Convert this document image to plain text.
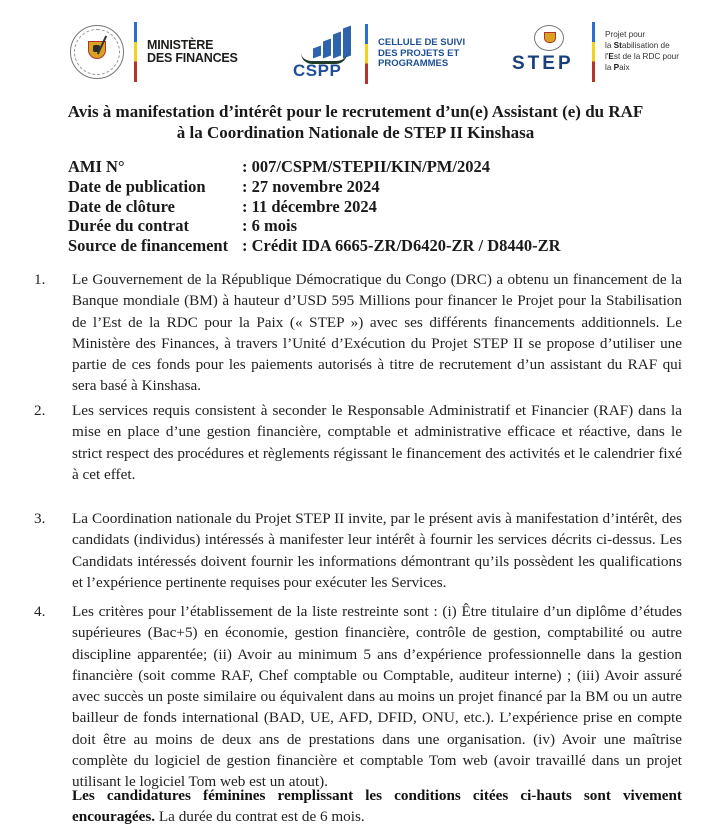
MINISTÈRE
DES FINANCES
CSPP
CELLULE DE SUIVI
DES PROJETS ET
PROGRAMMES	STEP
Projet pour
la Stabilisation de
l'Est de la RDC pour
la Paix
Avis à manifestation d’intérêt pour le recrutement d’un(e) Assistant (e) du RAF
à la Coordination Nationale de STEP II Kinshasa
AMI N°	: 007/CSPM/STEPII/KIN/PM/2024
Date de publication	: 27 novembre 2024
Date de clôture	: 11 décembre 2024
Durée du contrat	: 6 mois
Source de financement : Crédit IDA 6665-ZR/D6420-ZR / D8440-ZR
1.	Le Gouvernement de la République Démocratique du Congo (DRC) a obtenu un financement de la Banque mondiale (BM) à hauteur d’USD 595 Millions pour financer le Projet pour la Stabilisation de l’Est de la RDC pour la Paix (« STEP ») avec ses différents financements additionnels. Le Ministère des Finances, à travers l’Unité d’Exécution du Projet STEP II se propose d’utiliser une partie de ces fonds pour les paiements autorisés à titre de recrutement d’un assistant du RAF qui sera basé à Kinshasa.
2.	Les services requis consistent à seconder le Responsable Administratif et Financier (RAF) dans la mise en place d’une gestion financière, comptable et administrative efficace et réactive, dans le strict respect des procédures et règlements régissant le financement des activités et le calendrier fixé à cet effet.
3.	La Coordination nationale du Projet STEP II invite, par le présent avis à manifestation d’intérêt, des candidats (individus) intéressés à manifester leur intérêt à fournir les services décrits ci-dessus. Les Candidats intéressés doivent fournir les informations démontrant qu’ils possèdent les qualifications et l’expérience pertinente requises pour exécuter les Services.
4.	Les critères pour l’établissement de la liste restreinte sont : (i) Être titulaire d’un diplôme d’études supérieures (Bac+5) en économie, gestion financière, contrôle de gestion, comptabilité ou autre discipline apparentée; (ii) Avoir au minimum 5 ans d’expérience professionnelle dans la gestion financière (soit comme RAF, Chef comptable ou Comptable, auditeur interne) ; (iii) Avoir assuré avec succès un poste similaire ou équivalent dans au moins un projet financé par la BM ou un autre bailleur de fonds international (BAD, UE, AFD, DFID, ONU, etc.). L’expérience prise en compte doit être au moins de deux ans de prestations dans une organisation. (iv) Avoir une maîtrise complète du logiciel de gestion financière et comptable Tom web (avoir travaillé dans un projet utilisant le logiciel Tom web est un atout).
Les candidatures féminines remplissant les conditions citées ci-hauts sont vivement encouragées. La durée du contrat est de 6 mois.
